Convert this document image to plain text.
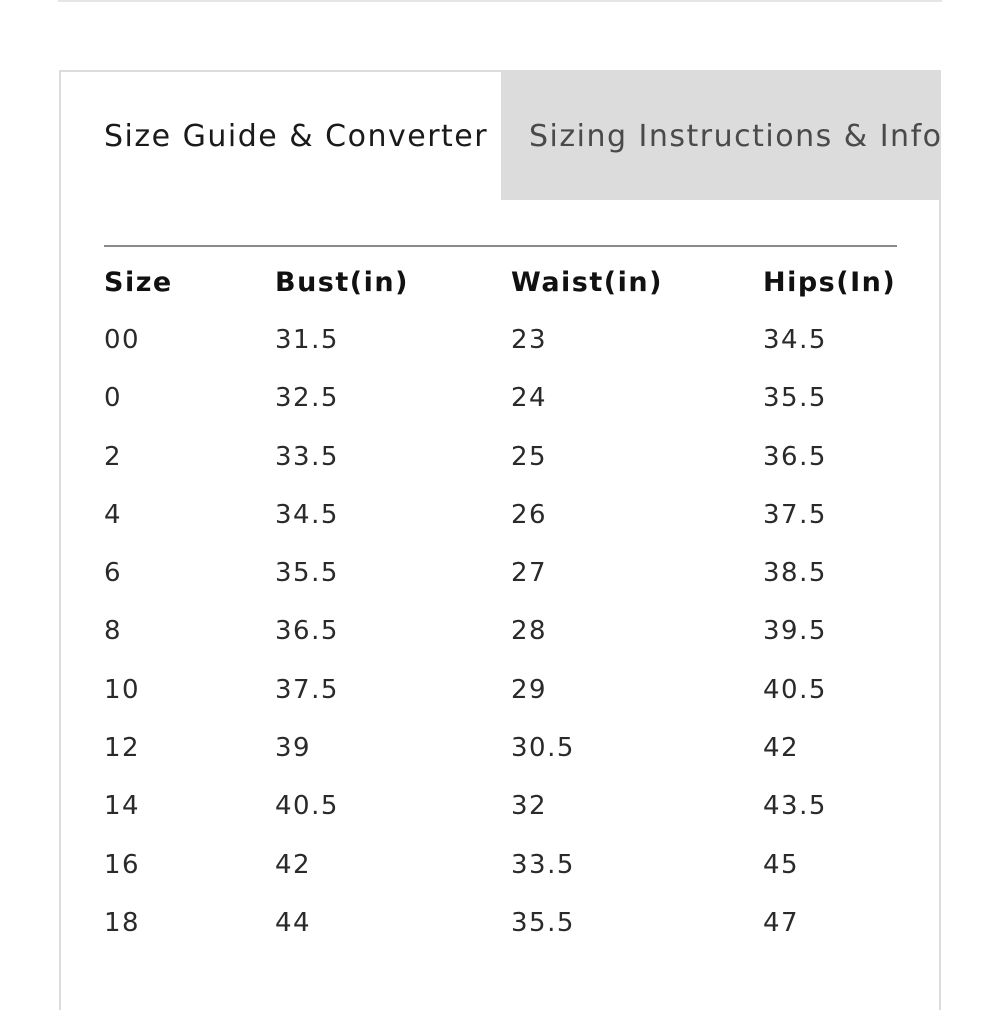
Size Guide & Converter Sizing Instructions & Info
Size	Bust(in)	Waist(in)	Hips(In)
00	31.5	23	34.5
0	32.5	24	35.5
2	33.5	25	36.5
4	34.5	26	37.5
6	35.5	27	38.5
8	36.5	28	39.5
10	37.5	29	40.5
12	39	30.5	42
14	40.5	32	43.5
16	42	33.5	45
18	44	35.5	47
